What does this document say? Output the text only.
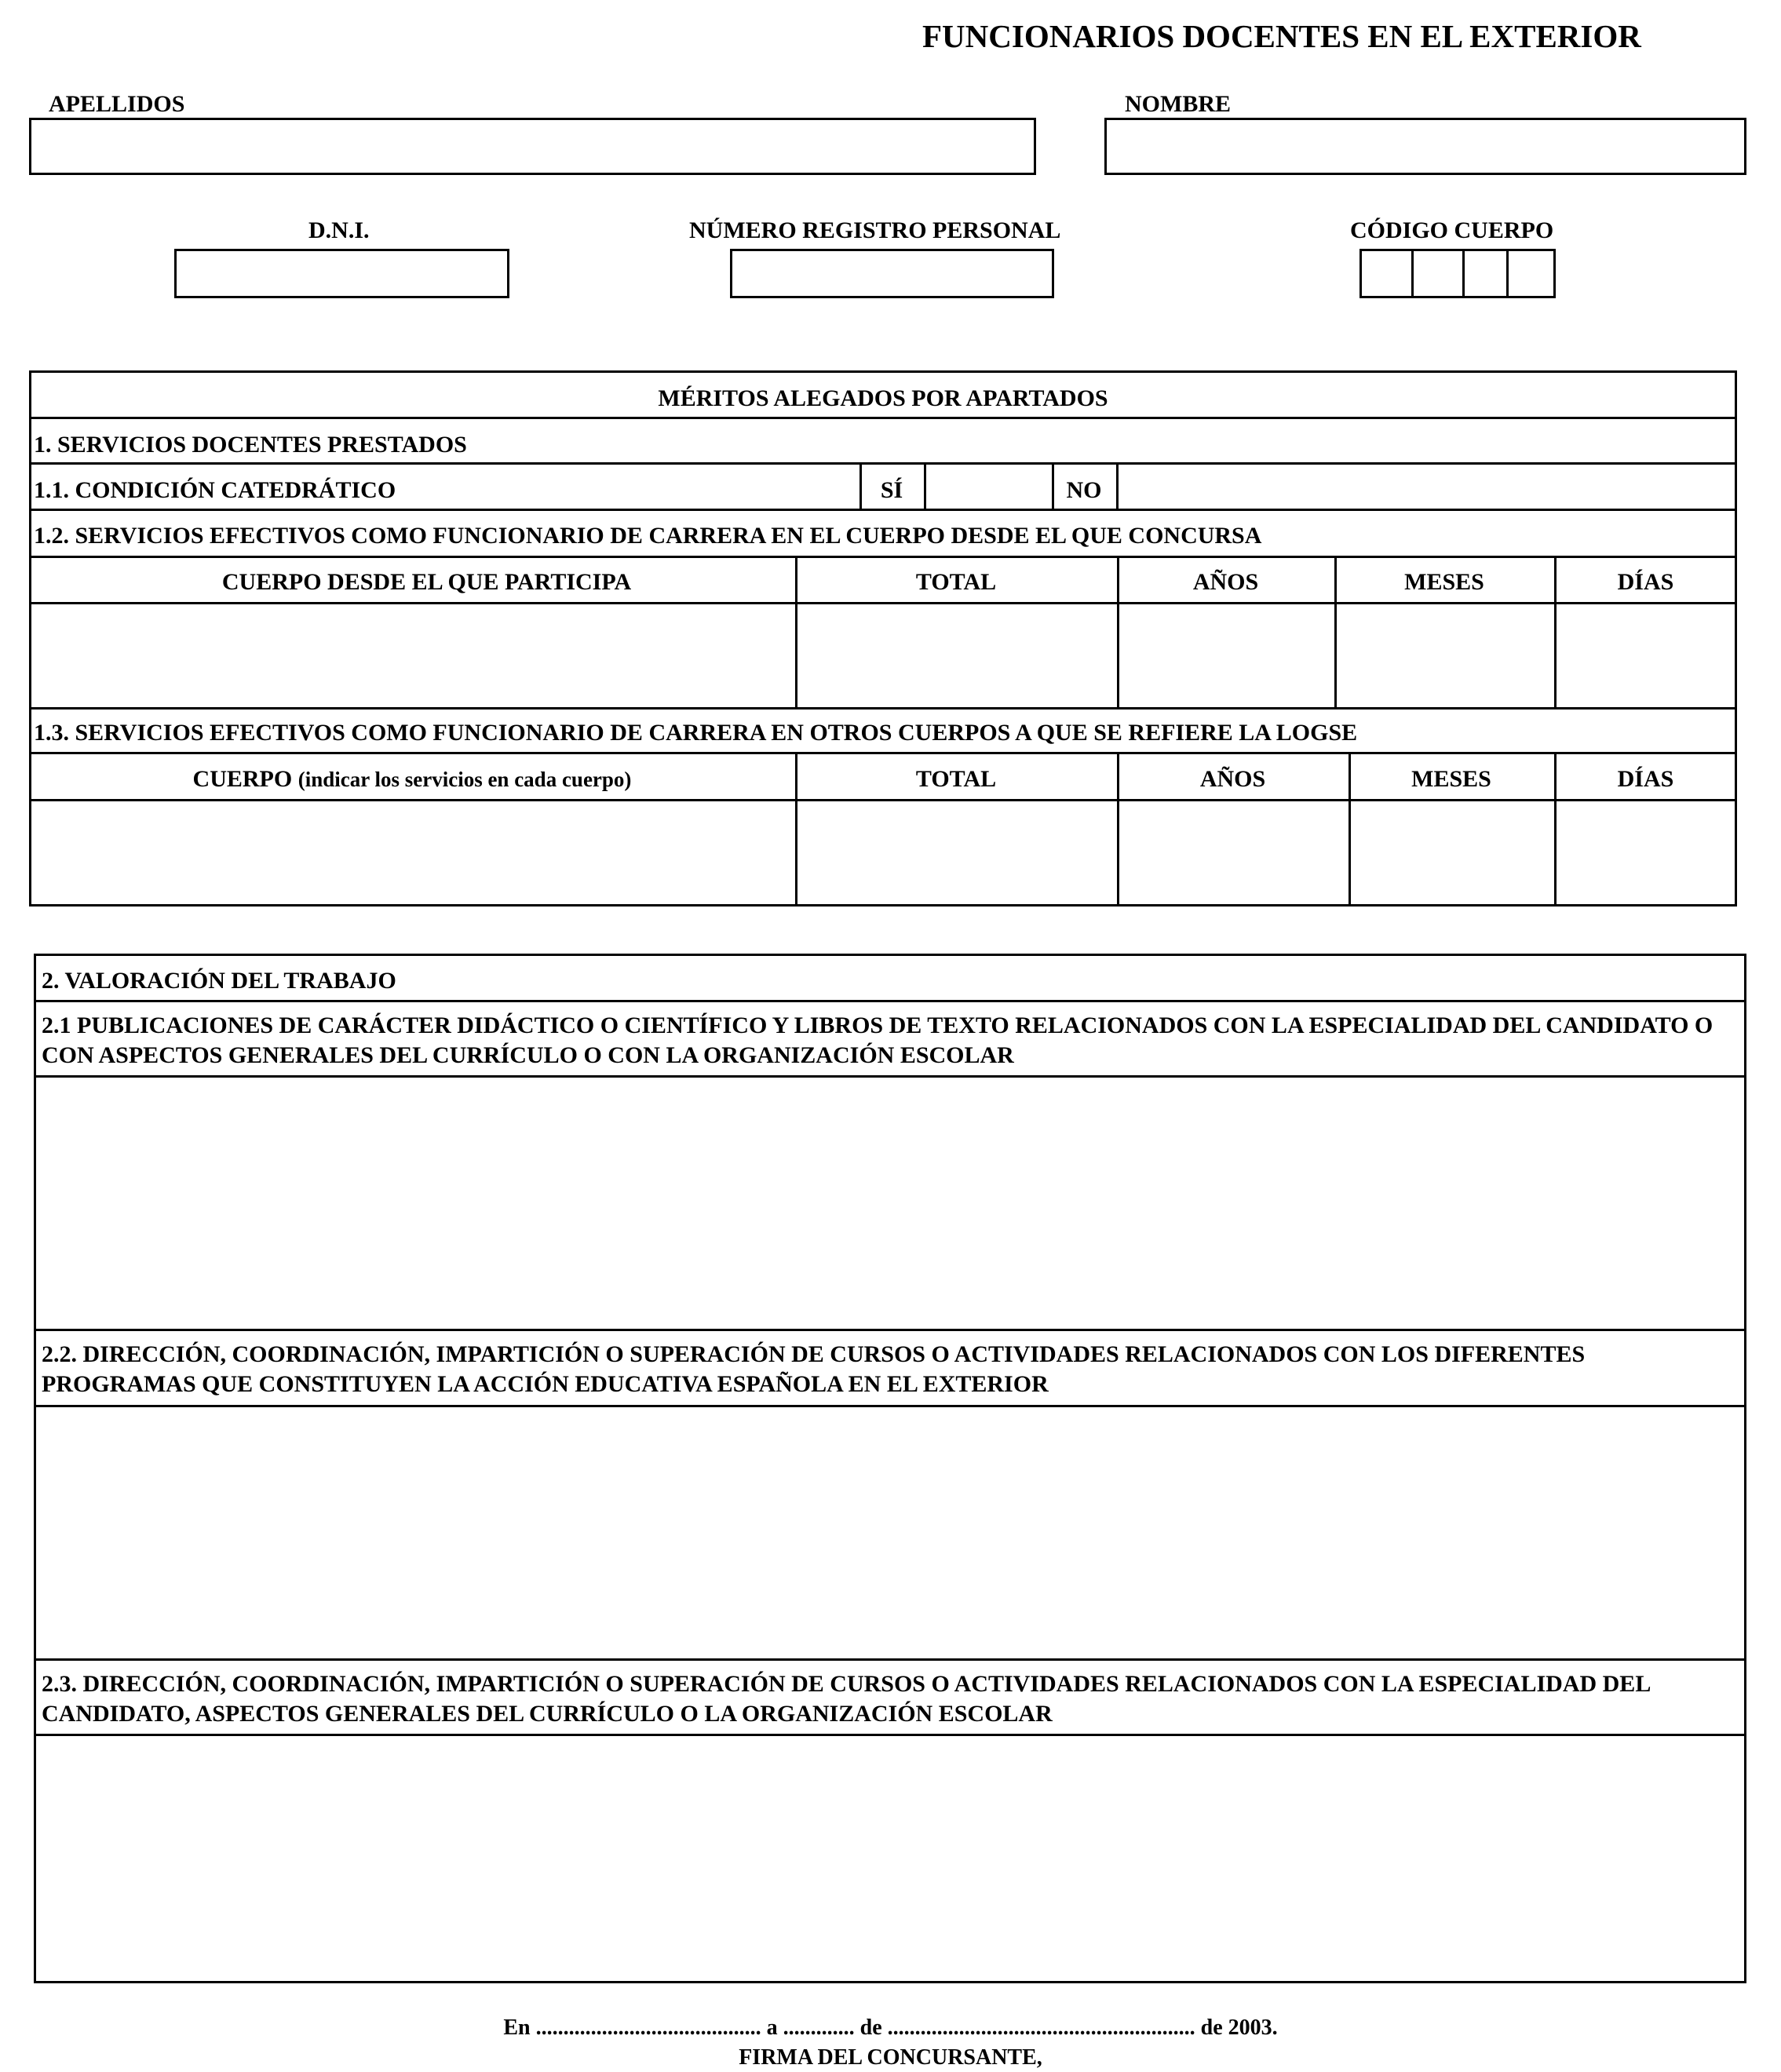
FUNCIONARIOS DOCENTES EN EL EXTERIOR
APELLIDOS	NOMBRE
D.N.I.	NÚMERO REGISTRO PERSONAL	CÓDIGO CUERPO
MÉRITOS ALEGADOS POR APARTADOS
1. SERVICIOS DOCENTES PRESTADOS
1.1. CONDICIÓN CATEDRÁTICO	SÍ	NO
1.2. SERVICIOS EFECTIVOS COMO FUNCIONARIO DE CARRERA EN EL CUERPO DESDE EL QUE CONCURSA
CUERPO DESDE EL QUE PARTICIPA	TOTAL	AÑOS	MESES	DÍAS
1.3. SERVICIOS EFECTIVOS COMO FUNCIONARIO DE CARRERA EN OTROS CUERPOS A QUE SE REFIERE LA LOGSE
CUERPO (indicar los servicios en cada cuerpo)	TOTAL	AÑOS	MESES	DÍAS
2. VALORACIÓN DEL TRABAJO
2.1 PUBLICACIONES DE CARÁCTER DIDÁCTICO O CIENTÍFICO Y LIBROS DE TEXTO RELACIONADOS CON LA ESPECIALIDAD DEL CANDIDATO O CON ASPECTOS GENERALES DEL CURRÍCULO O CON LA ORGANIZACIÓN ESCOLAR
2.2. DIRECCIÓN, COORDINACIÓN, IMPARTICIÓN O SUPERACIÓN DE CURSOS O ACTIVIDADES RELACIONADOS CON LOS DIFERENTES PROGRAMAS QUE CONSTITUYEN LA ACCIÓN EDUCATIVA ESPAÑOLA EN EL EXTERIOR
2.3. DIRECCIÓN, COORDINACIÓN, IMPARTICIÓN O SUPERACIÓN DE CURSOS O ACTIVIDADES RELACIONADOS CON LA ESPECIALIDAD DEL CANDIDATO, ASPECTOS GENERALES DEL CURRÍCULO O LA ORGANIZACIÓN ESCOLAR
En ......................................... a ............. de ........................................................ de 2003.
FIRMA DEL CONCURSANTE,
